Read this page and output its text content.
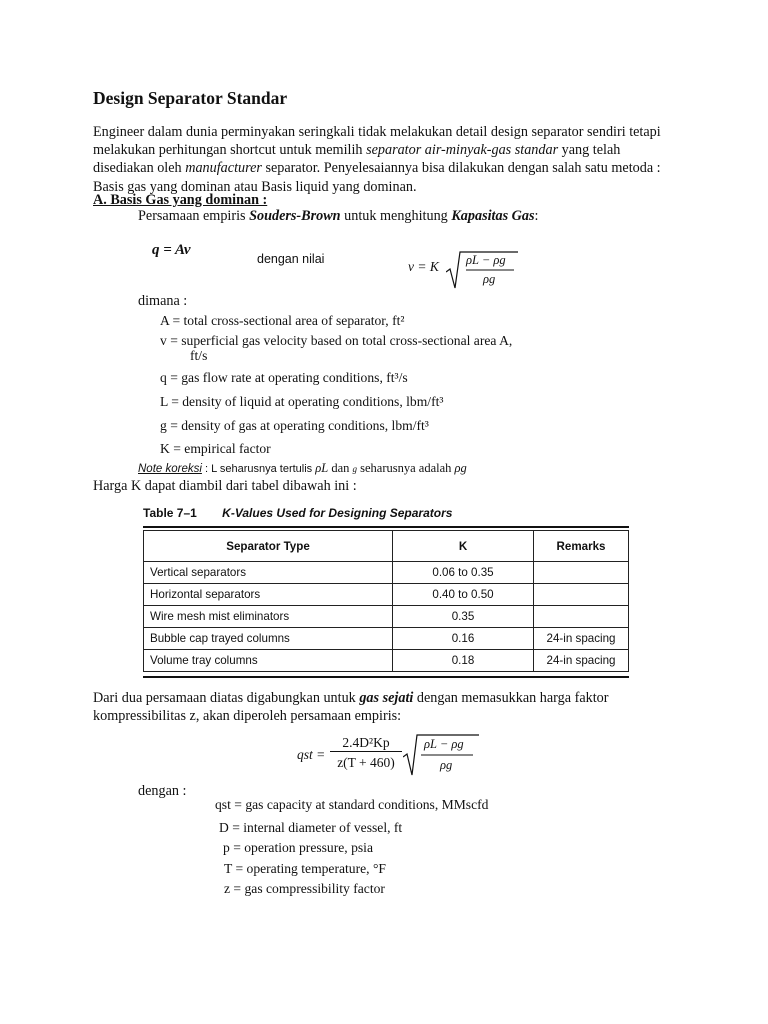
Design Separator Standar
Engineer dalam dunia perminyakan seringkali tidak melakukan detail design separator sendiri tetapi melakukan perhitungan shortcut untuk memilih separator air-minyak-gas standar yang telah disediakan oleh manufacturer separator. Penyelesaiannya bisa dilakukan dengan salah satu metoda : Basis gas yang dominan atau Basis liquid yang dominan.
A. Basis Gas yang dominan :
Persamaan empiris Souders-Brown untuk menghitung Kapasitas Gas:
q = Av
dengan nilai	v = K ρL − ρg
ρg
dimana :
A = total cross-sectional area of separator, ft²
v = superficial gas velocity based on total cross-sectional area A,
ft/s
q = gas flow rate at operating conditions, ft³/s
L = density of liquid at operating conditions, lbm/ft³
g = density of gas at operating conditions, lbm/ft³
K = empirical factor
Note koreksi : L seharusnya tertulis ρL dan g seharusnya adalah ρg
Harga K dapat diambil dari tabel dibawah ini :
Table 7–1 K-Values Used for Designing Separators
Separator Type	K	Remarks
Vertical separators	0.06 to 0.35	
Horizontal separators	0.40 to 0.50	
Wire mesh mist eliminators	0.35	
Bubble cap trayed columns	0.16	24-in spacing
Volume tray columns	0.18	24-in spacing
Dari dua persamaan diatas digabungkan untuk gas sejati dengan memasukkan harga faktor kompressibilitas z, akan diperoleh persamaan empiris:
qst =
2.4D²Kp
z(T + 460)
ρL − ρg
ρg
dengan :
qst = gas capacity at standard conditions, MMscfd
D = internal diameter of vessel, ft
p = operation pressure, psia
T = operating temperature, °F
z = gas compressibility factor
